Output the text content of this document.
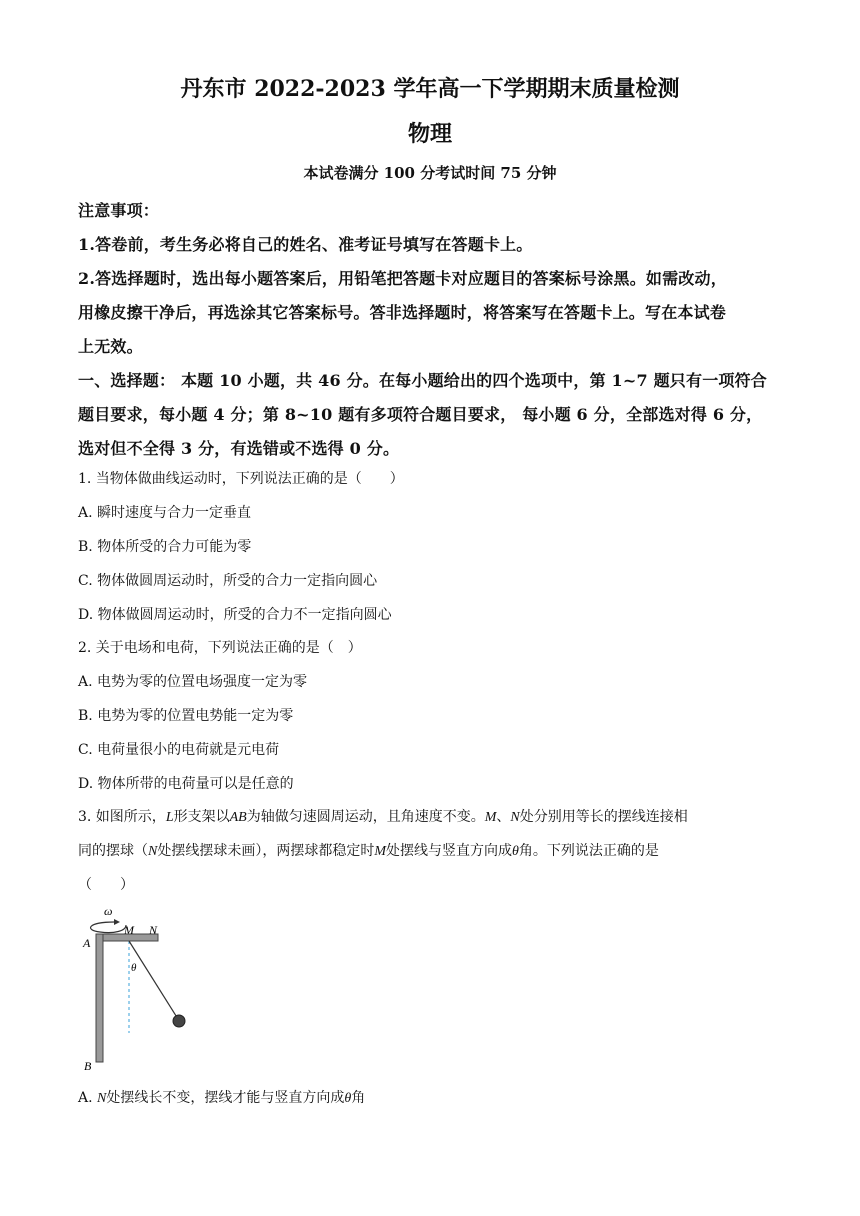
丹东市 2022-2023 学年高一下学期期末质量检测
物理
本试卷满分 100 分考试时间 75 分钟
注意事项：
1.答卷前，考生务必将自己的姓名、准考证号填写在答题卡上。
2.答选择题时，选出每小题答案后，用铅笔把答题卡对应题目的答案标号涂黑。如需改动，
用橡皮擦干净后，再选涂其它答案标号。答非选择题时，将答案写在答题卡上。写在本试卷
上无效。
一、选择题： 本题 10 小题，共 46 分。在每小题给出的四个选项中，第 1~7 题只有一项符合
题目要求，每小题 4 分；第 8~10 题有多项符合题目要求， 每小题 6 分，全部选对得 6 分，
选对但不全得 3 分，有选错或不选得 0 分。
1. 当物体做曲线运动时，下列说法正确的是（　　）
A. 瞬时速度与合力一定垂直
B. 物体所受的合力可能为零
C. 物体做圆周运动时，所受的合力一定指向圆心
D. 物体做圆周运动时，所受的合力不一定指向圆心
2. 关于电场和电荷，下列说法正确的是（　）
A. 电势为零的位置电场强度一定为零
B. 电势为零的位置电势能一定为零
C. 电荷量很小的电荷就是元电荷
D. 物体所带的电荷量可以是任意的
3. 如图所示，L形支架以AB为轴做匀速圆周运动，且角速度不变。M、N处分别用等长的摆线连接相
同的摆球（N处摆线摆球未画），两摆球都稳定时M处摆线与竖直方向成θ角。下列说法正确的是
（　　）
ω
A
M N
B
θ
A. N处摆线长不变，摆线才能与竖直方向成θ角
